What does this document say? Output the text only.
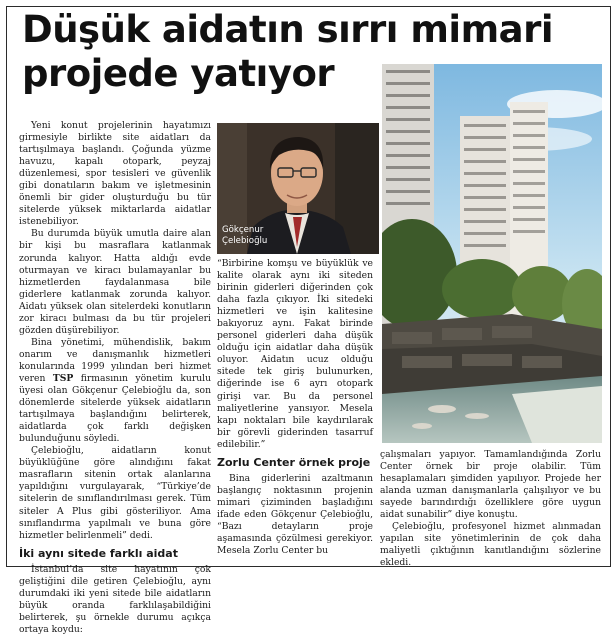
Düşük aidatın sırrı mimari
projede yatıyor

Yeni konut projelerinin hayatımızı girmesiyle birlikte site aidatları da tartışılmaya başlandı. Çoğunda yüzme havuzu, kapalı otopark, peyzaj düzenlemesi, spor tesisleri ve güvenlik gibi donatıların bakım ve işletmesinin önemli bir gider oluşturduğu bu tür sitelerde yüksek miktarlarda aidatlar istenebiliyor.

Bu durumda büyük umutla daire alan bir kişi bu masraflara katlanmak zorunda kalıyor. Hatta aldığı evde oturmayan ve kiracı bulamayanlar bu hizmetlerden faydalanmasa bile giderlere katlanmak zorunda kalıyor. Aidatı yüksek olan sitelerdeki konutların zor kiracı bulması da bu tür projeleri gözden düşürebiliyor.

Bina yönetimi, mühendislik, bakım onarım ve danışmanlık hizmetleri konularında 1999 yılından beri hizmet veren TSP firmasının yönetim kurulu üyesi olan Gökçenur Çelebioğlu da, son dönemlerde sitelerde yüksek aidatların tartışılmaya başlandığını belirterek, aidatlarda çok farklı değişken bulunduğunu söyledi.

Çelebioğlu, aidatların konut büyüklüğüne göre alındığını fakat masrafların sitenin ortak alanlarına yapıldığını vurgulayarak, “Türkiye’de sitelerin de sınıflandırılması gerek. Tüm siteler A Plus gibi gösteriliyor. Ama sınıflandırma yapılmalı ve buna göre hizmetler belirlenmeli” dedi.

İki aynı sitede farklı aidat

İstanbul’da site hayatının çok geliştiğini dile getiren Çelebioğlu, aynı durumdaki iki yeni sitede bile aidatların büyük oranda farklılaşabildiğini belirterek, şu örnekle durumu açıkça ortaya koydu:

Gökçenur
Çelebioğlu

“Birbirine komşu ve büyüklük ve kalite olarak aynı iki siteden birinin giderleri diğerinden çok daha fazla çıkıyor. İki sitedeki hizmetleri ve işin kalitesine bakıyoruz aynı. Fakat birinde personel giderleri daha düşük olduğu için aidatlar daha düşük oluyor. Aidatın ucuz olduğu sitede tek giriş bulunurken, diğerinde ise 6 ayrı otopark girişi var. Bu da personel maliyetlerine yansıyor. Mesela kapı noktaları bile kaydırılarak bir görevli giderinden tasarruf edilebilir.”

Zorlu Center örnek proje

Bina giderlerini azaltmanın başlangıç noktasının projenin mimari çiziminden başladığını ifade eden Gökçenur Çelebioğlu, “Bazı detayların proje aşamasında çözülmesi gerekiyor. Mesela Zorlu Center bu

çalışmaları yapıyor. Tamamlandığında Zorlu Center örnek bir proje olabilir. Tüm hesaplamaları şimdiden yapılıyor. Projede her alanda uzman danışmanlarla çalışılıyor ve bu sayede barındırdığı özelliklere göre uygun aidat sunabilir” diye konuştu.

Çelebioğlu, profesyonel hizmet alınmadan yapılan site yönetimlerinin de çok daha maliyetli çıktığının kanıtlandığını sözlerine ekledi.
